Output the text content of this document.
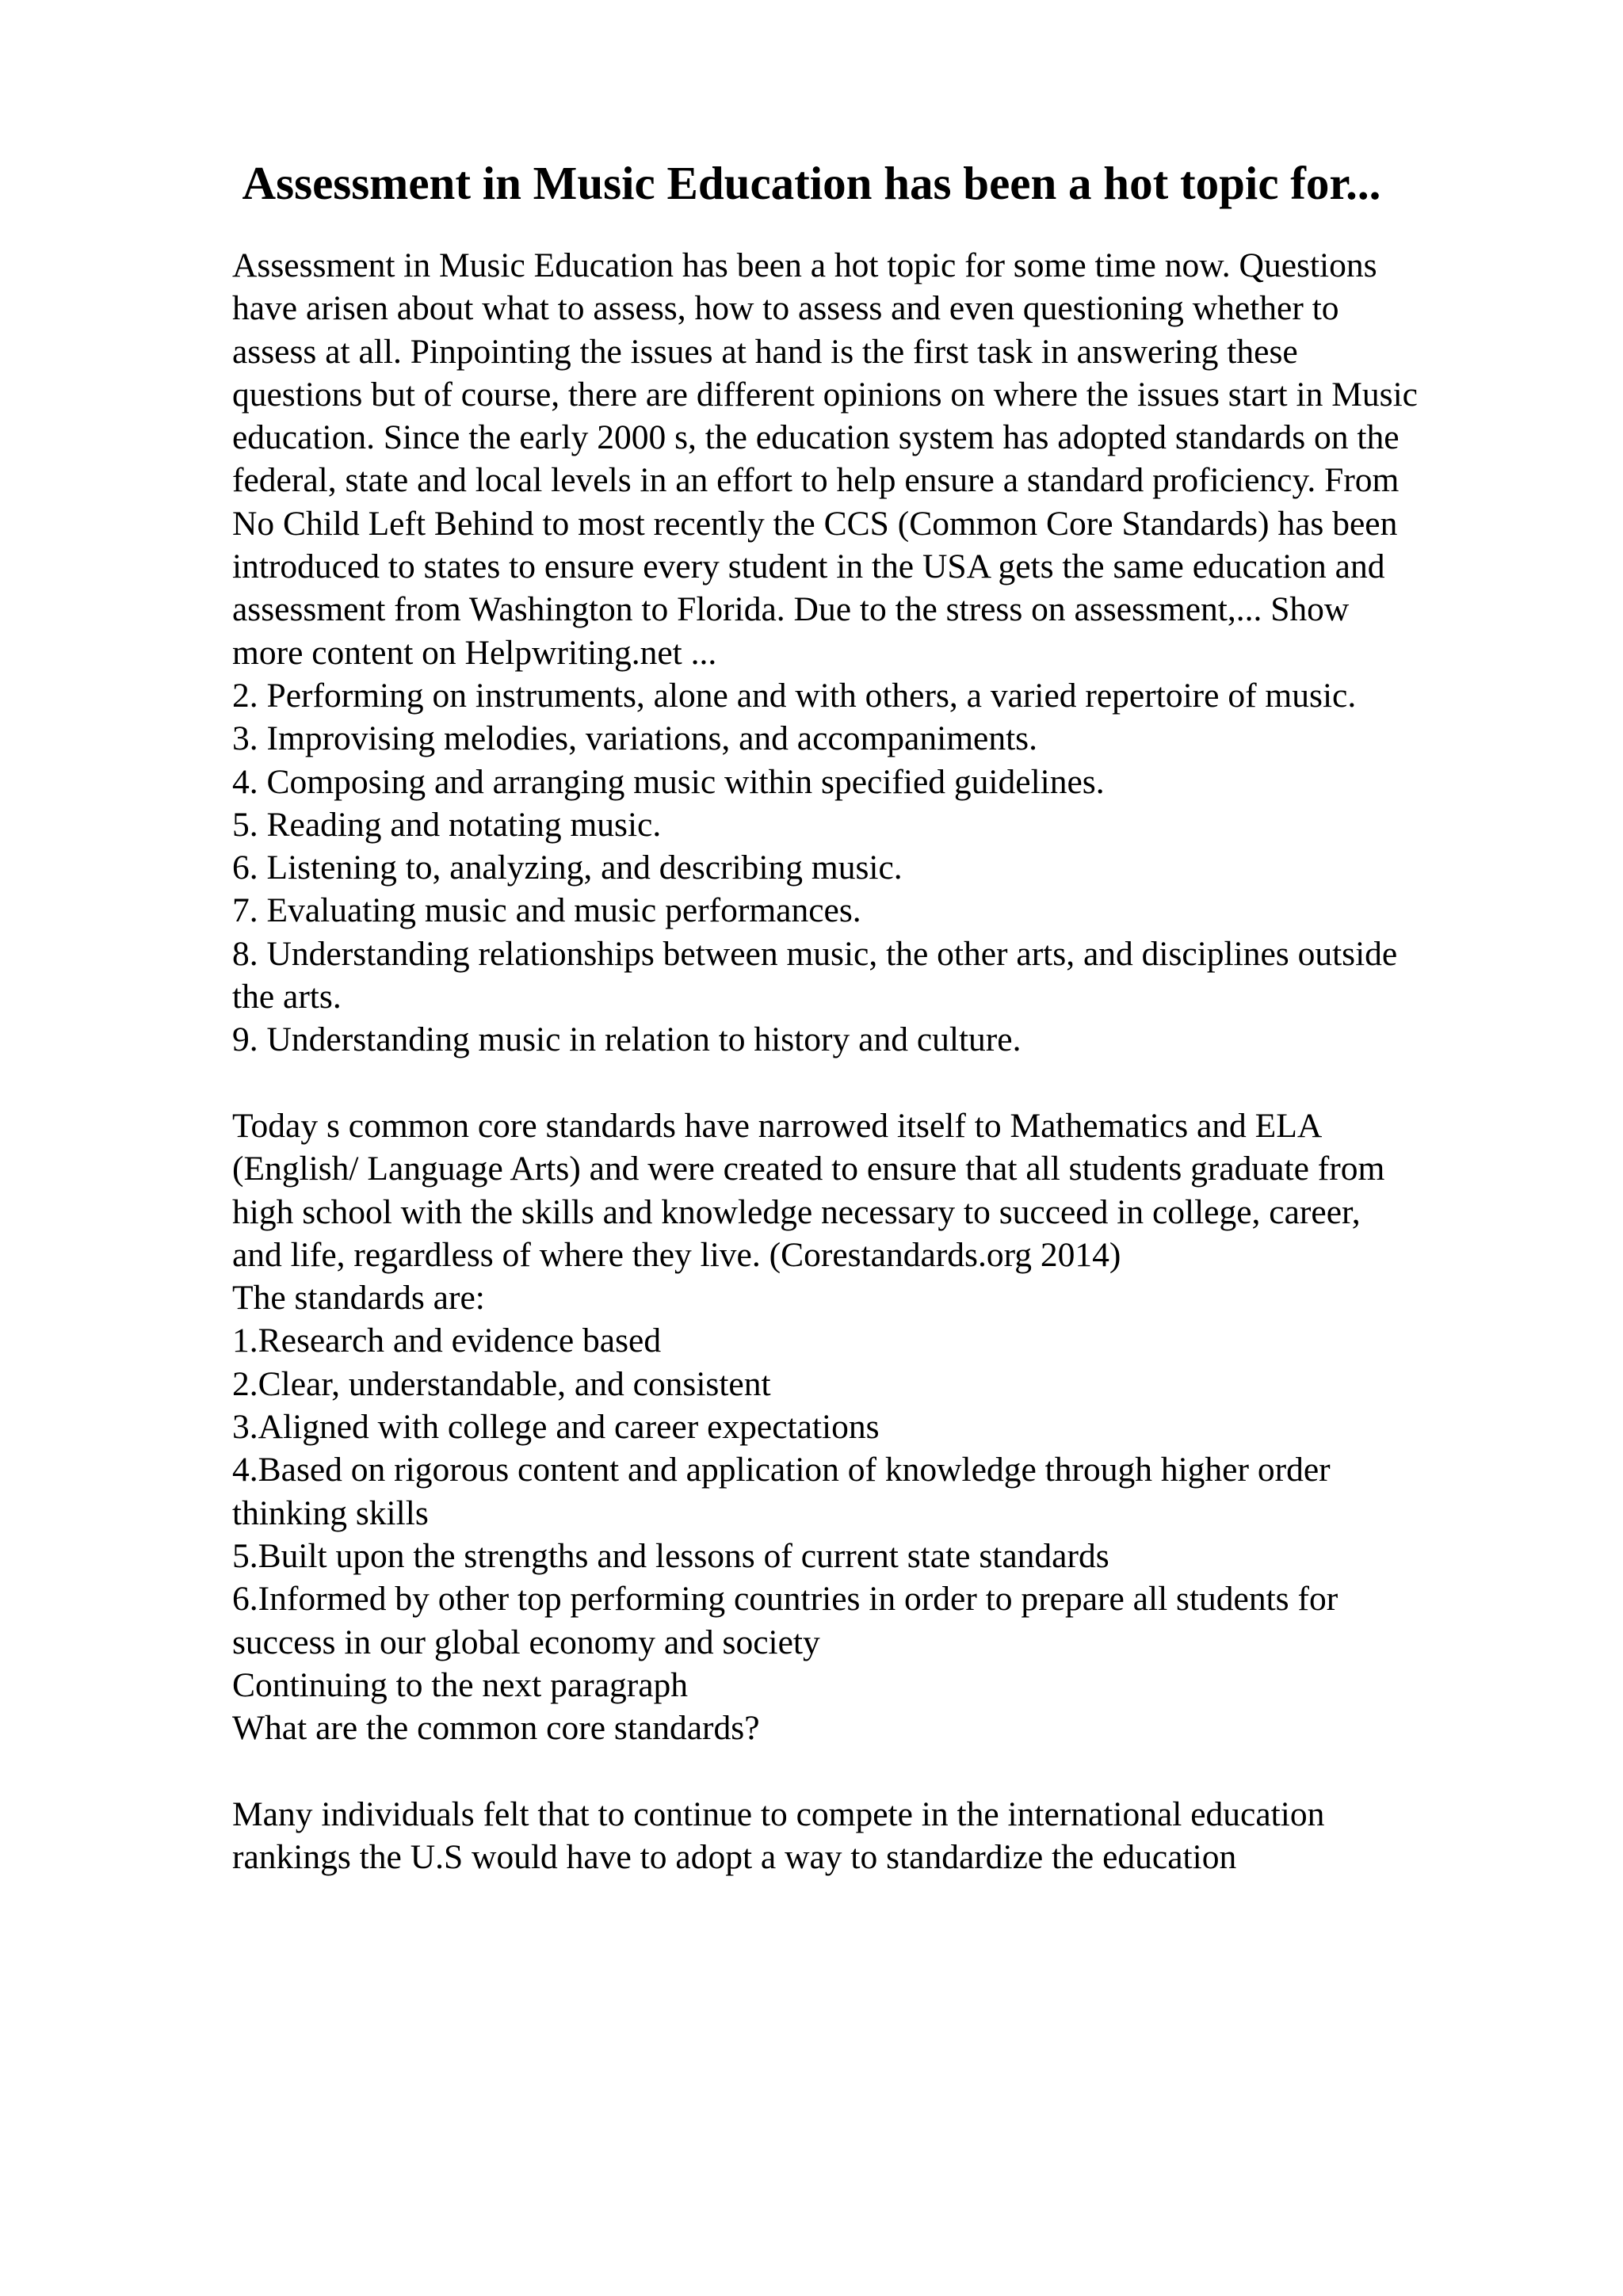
Assessment in Music Education has been a hot topic for...
Assessment in Music Education has been a hot topic for some time now. Questions
have arisen about what to assess, how to assess and even questioning whether to
assess at all. Pinpointing the issues at hand is the first task in answering these
questions but of course, there are different opinions on where the issues start in Music
education. Since the early 2000 s, the education system has adopted standards on the
federal, state and local levels in an effort to help ensure a standard proficiency. From
No Child Left Behind to most recently the CCS (Common Core Standards) has been
introduced to states to ensure every student in the USA gets the same education and
assessment from Washington to Florida. Due to the stress on assessment,... Show
more content on Helpwriting.net ...
2. Performing on instruments, alone and with others, a varied repertoire of music.
3. Improvising melodies, variations, and accompaniments.
4. Composing and arranging music within specified guidelines.
5. Reading and notating music.
6. Listening to, analyzing, and describing music.
7. Evaluating music and music performances.
8. Understanding relationships between music, the other arts, and disciplines outside
the arts.
9. Understanding music in relation to history and culture.
Today s common core standards have narrowed itself to Mathematics and ELA
(English/ Language Arts) and were created to ensure that all students graduate from
high school with the skills and knowledge necessary to succeed in college, career,
and life, regardless of where they live. (Corestandards.org 2014)
The standards are:
1.Research and evidence based
2.Clear, understandable, and consistent
3.Aligned with college and career expectations
4.Based on rigorous content and application of knowledge through higher order
thinking skills
5.Built upon the strengths and lessons of current state standards
6.Informed by other top performing countries in order to prepare all students for
success in our global economy and society
Continuing to the next paragraph
What are the common core standards?
Many individuals felt that to continue to compete in the international education
rankings the U.S would have to adopt a way to standardize the education
